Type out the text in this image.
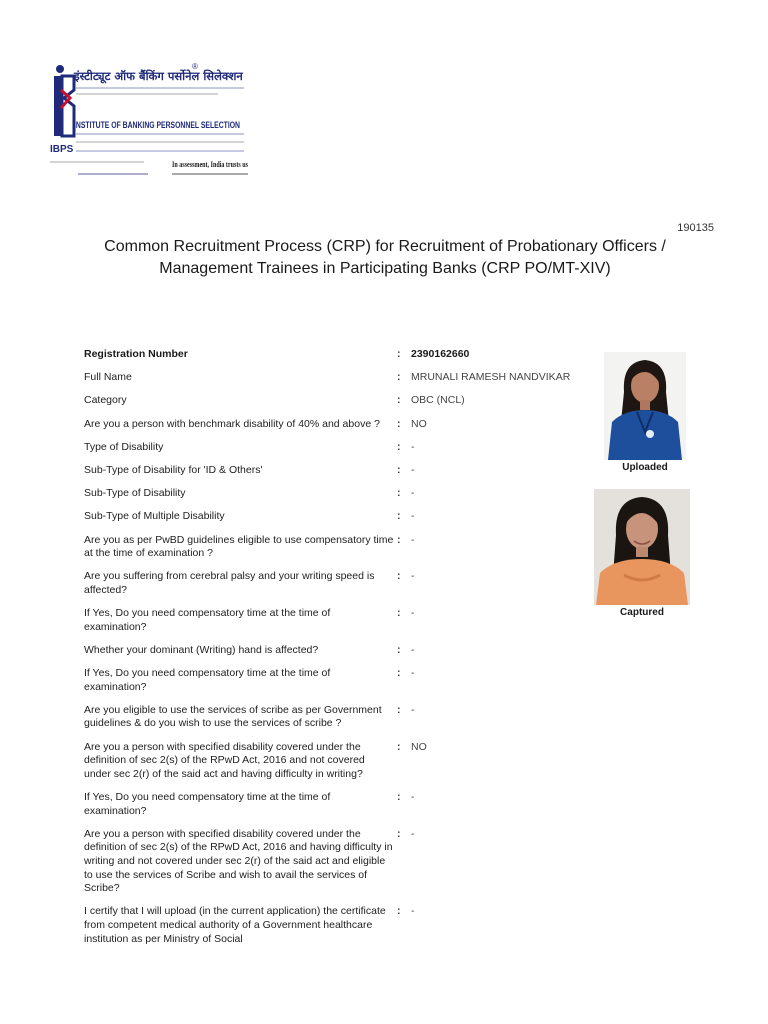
IBPS
इंस्टीट्यूट ऑफ बैंकिंग पर्सोनेल सिलेक्शन
®
INSTITUTE OF BANKING PERSONNEL SELECTION
In assessment, India trusts us
190135
Common Recruitment Process (CRP) for Recruitment of Probationary Officers /
Management Trainees in Participating Banks (CRP PO/MT-XIV)
Registration Number	:	2390162660
Full Name	:	MRUNALI RAMESH NANDVIKAR
Category	:	OBC (NCL)
Are you a person with benchmark disability of 40% and above ?	:	NO
Type of Disability	:	-
Sub-Type of Disability for 'ID & Others'	:	-
Sub-Type of Disability	:	-
Sub-Type of Multiple Disability	:	-
Are you as per PwBD guidelines eligible to use compensatory time at the time of examination ?
:	-
Are you suffering from cerebral palsy and your writing speed is affected?
:	-
If Yes, Do you need compensatory time at the time of examination?
:	-
Whether your dominant (Writing) hand is affected?	:	-
If Yes, Do you need compensatory time at the time of examination?
:	-
Are you eligible to use the services of scribe as per Government guidelines & do you wish to use the services of scribe ?
:	-
Are you a person with specified disability covered under the definition of sec 2(s) of the RPwD Act, 2016 and not covered under sec 2(r) of the said act and having difficulty in writing?
:	NO
If Yes, Do you need compensatory time at the time of examination?
:	-
Are you a person with specified disability covered under the definition of sec 2(s) of the RPwD Act, 2016 and having difficulty in writing and not covered under sec 2(r) of the said act and eligible to use the services of Scribe and wish to avail the services of Scribe?
:	-
I certify that I will upload (in the current application) the certificate from competent medical authority of a Government healthcare institution as per Ministry of Social
:	-
Uploaded
Captured
